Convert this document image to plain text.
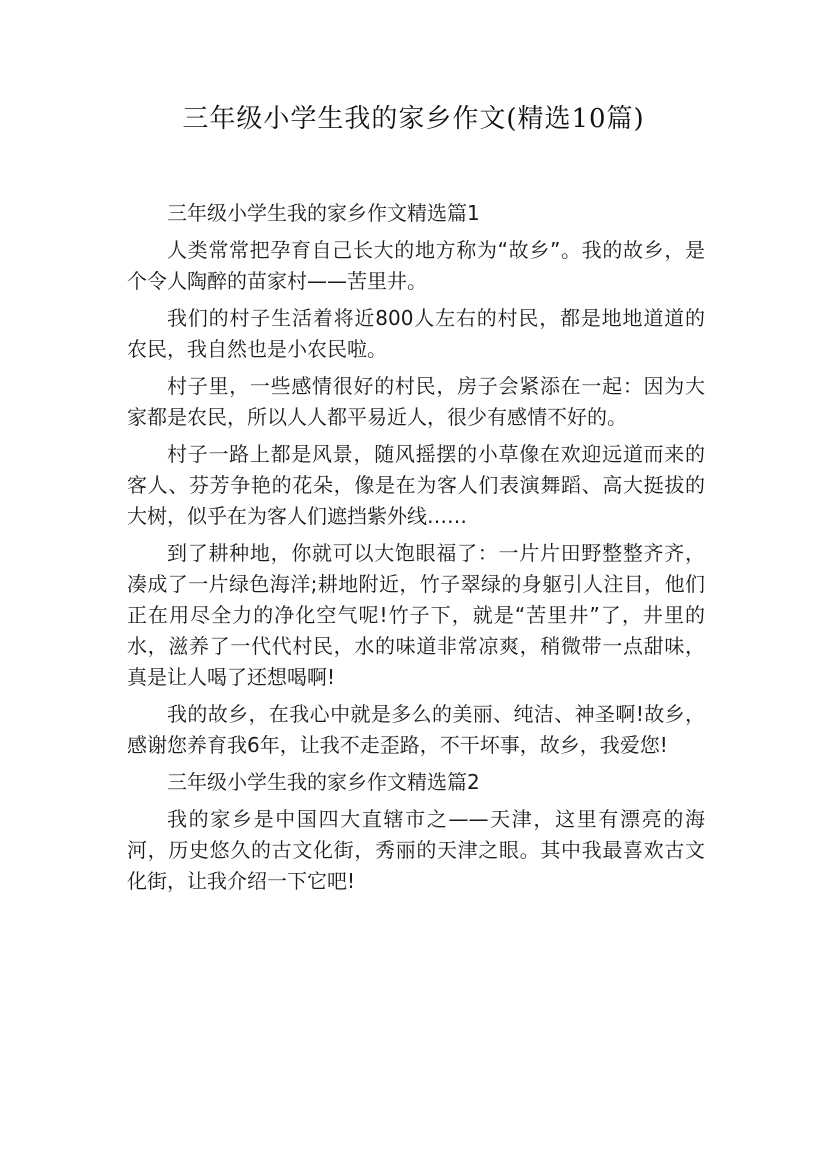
三年级小学生我的家乡作文(精选10篇)

三年级小学生我的家乡作文精选篇1

人类常常把孕育自己长大的地方称为“故乡”。我的故乡，是个令人陶醉的苗家村——苦里井。

我们的村子生活着将近800人左右的村民，都是地地道道的农民，我自然也是小农民啦。

村子里，一些感情很好的村民，房子会紧添在一起：因为大家都是农民，所以人人都平易近人，很少有感情不好的。

村子一路上都是风景，随风摇摆的小草像在欢迎远道而来的客人、芬芳争艳的花朵，像是在为客人们表演舞蹈、高大挺拔的大树，似乎在为客人们遮挡紫外线……

到了耕种地，你就可以大饱眼福了：一片片田野整整齐齐，凑成了一片绿色海洋;耕地附近，竹子翠绿的身躯引人注目，他们正在用尽全力的净化空气呢!竹子下，就是“苦里井”了，井里的水，滋养了一代代村民，水的味道非常凉爽，稍微带一点甜味，真是让人喝了还想喝啊!

我的故乡，在我心中就是多么的美丽、纯洁、神圣啊!故乡，感谢您养育我6年，让我不走歪路，不干坏事，故乡，我爱您!

三年级小学生我的家乡作文精选篇2

我的家乡是中国四大直辖市之——天津，这里有漂亮的海河，历史悠久的古文化街，秀丽的天津之眼。其中我最喜欢古文化街，让我介绍一下它吧!
